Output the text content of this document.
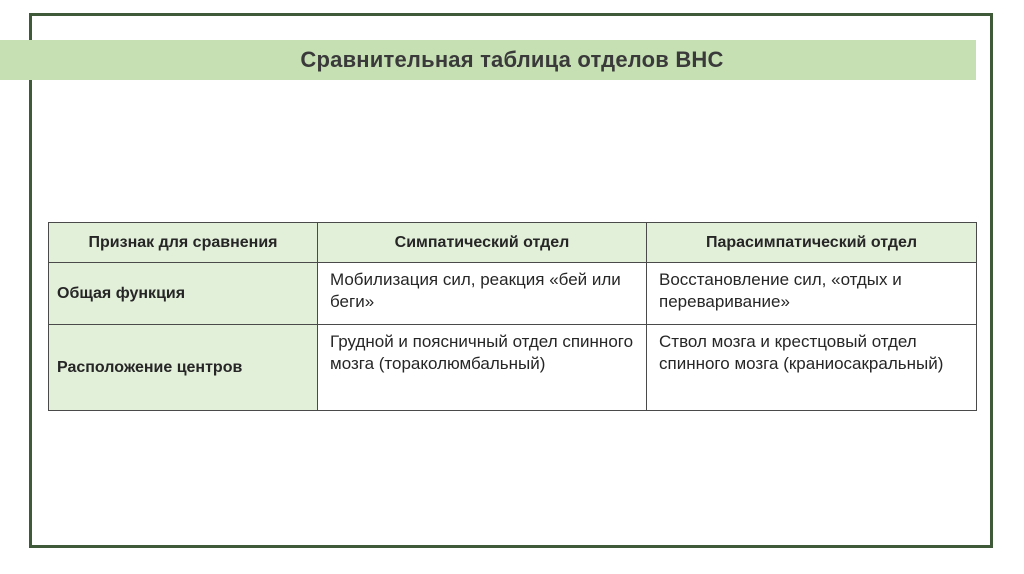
Сравнительная таблица отделов ВНС
Признак для сравнения	Симпатический отдел	Парасимпатический отдел
Общая функция	Мобилизация сил, реакция «бей или беги»	Восстановление сил, «отдых и переваривание»
Расположение центров	Грудной и поясничный отдел спинного мозга (тораколюмбальный)	Ствол мозга и крестцовый отдел спинного мозга (краниосакральный)
